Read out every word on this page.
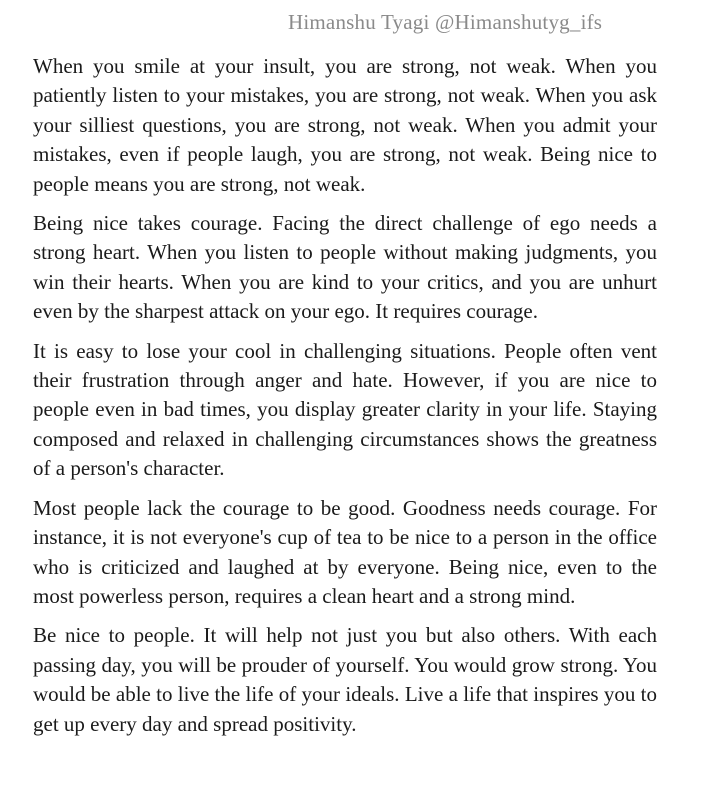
Himanshu Tyagi @Himanshutyg_ifs

When you smile at your insult, you are strong, not weak. When you patiently listen to your mistakes, you are strong, not weak. When you ask your silliest questions, you are strong, not weak. When you admit your mistakes, even if people laugh, you are strong, not weak. Being nice to people means you are strong, not weak.

Being nice takes courage. Facing the direct challenge of ego needs a strong heart. When you listen to people without making judgments, you win their hearts. When you are kind to your critics, and you are unhurt even by the sharpest attack on your ego. It requires courage.

It is easy to lose your cool in challenging situations. People often vent their frustration through anger and hate. However, if you are nice to people even in bad times, you display greater clarity in your life. Staying composed and relaxed in challenging circumstances shows the greatness of a person's character.

Most people lack the courage to be good. Goodness needs courage. For instance, it is not everyone's cup of tea to be nice to a person in the office who is criticized and laughed at by everyone. Being nice, even to the most powerless person, requires a clean heart and a strong mind.

Be nice to people. It will help not just you but also others. With each passing day, you will be prouder of yourself. You would grow strong. You would be able to live the life of your ideals. Live a life that inspires you to get up every day and spread positivity.
